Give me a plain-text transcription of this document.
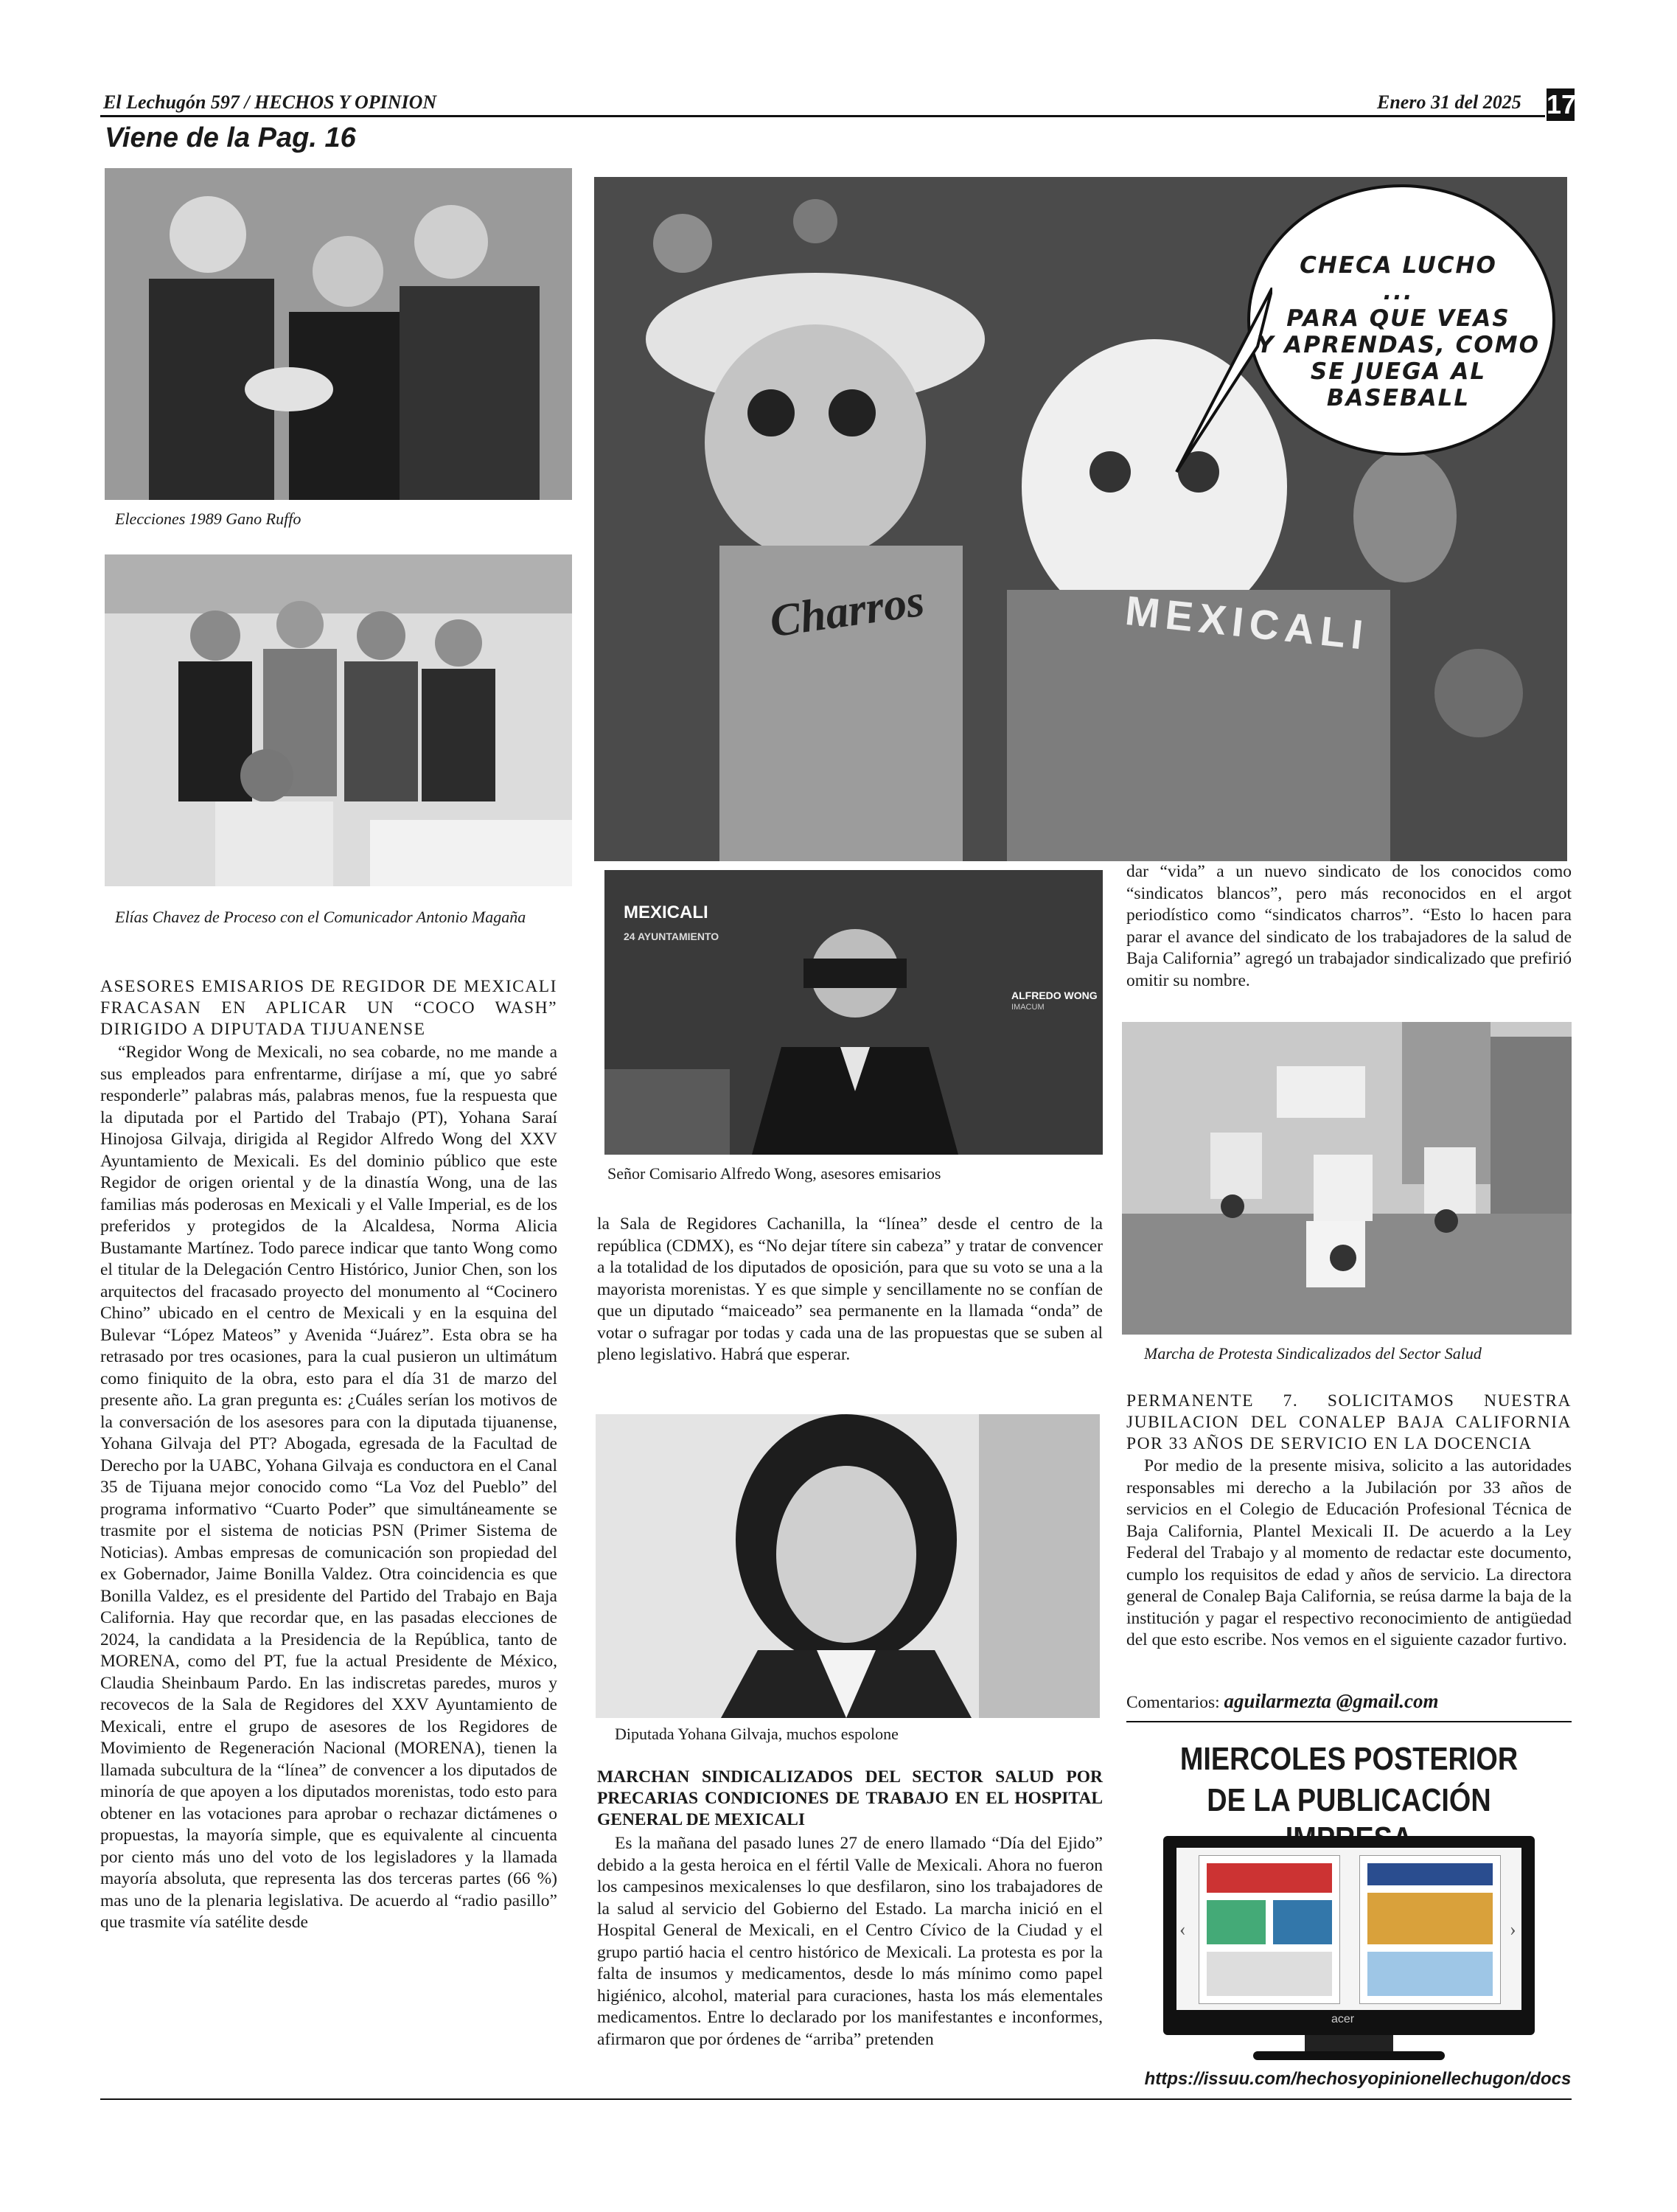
El Lechugón 597 / HECHOS Y OPINION	Enero 31 del 2025 17
Viene de la Pag. 16
Elecciones 1989 Gano Ruffo
Elías Chavez de Proceso con el Comunicador Antonio Magaña
ASESORES EMISARIOS DE REGIDOR DE MEXICALI FRACASAN EN APLICAR UN “COCO WASH” DIRIGIDO A DIPUTADA TIJUANENSE

“Regidor Wong de Mexicali, no sea cobarde, no me mande a sus empleados para enfrentarme, diríjase a mí, que yo sabré responderle” palabras más, palabras menos, fue la respuesta que la diputada por el Partido del Trabajo (PT), Yohana Saraí Hinojosa Gilvaja, dirigida al Regidor Alfredo Wong del XXV Ayuntamiento de Mexicali. Es del dominio público que este Regidor de origen oriental y de la dinastía Wong, una de las familias más poderosas en Mexicali y el Valle Imperial, es de los preferidos y protegidos de la Alcaldesa, Norma Alicia Bustamante Martínez. Todo parece indicar que tanto Wong como el titular de la Delegación Centro Histórico, Junior Chen, son los arquitectos del fracasado proyecto del monumento al “Cocinero Chino” ubicado en el centro de Mexicali y en la esquina del Bulevar “López Mateos” y Avenida “Juárez”. Esta obra se ha retrasado por tres ocasiones, para la cual pusieron un ultimátum como finiquito de la obra, esto para el día 31 de marzo del presente año. La gran pregunta es: ¿Cuáles serían los motivos de la conversación de los asesores para con la diputada tijuanense, Yohana Gilvaja del PT? Abogada, egresada de la Facultad de Derecho por la UABC, Yohana Gilvaja es conductora en el Canal 35 de Tijuana mejor conocido como “La Voz del Pueblo” del programa informativo “Cuarto Poder” que simultáneamente se trasmite por el sistema de noticias PSN (Primer Sistema de Noticias). Ambas empresas de comunicación son propiedad del ex Gobernador, Jaime Bonilla Valdez. Otra coincidencia es que Bonilla Valdez, es el presidente del Partido del Trabajo en Baja California. Hay que recordar que, en las pasadas elecciones de 2024, la candidata a la Presidencia de la República, tanto de MORENA, como del PT, fue la actual Presidente de México, Claudia Sheinbaum Pardo. En las indiscretas paredes, muros y recovecos de la Sala de Regidores del XXV Ayuntamiento de Mexicali, entre el grupo de asesores de los Regidores de Movimiento de Regeneración Nacional (MORENA), tienen la llamada subcultura de la “línea” de convencer a los diputados de minoría de que apoyen a los diputados morenistas, todo esto para obtener en las votaciones para aprobar o rechazar dictámenes o propuestas, la mayoría simple, que es equivalente al cincuenta por ciento más uno del voto de los legisladores y la llamada mayoría absoluta, que representa las dos terceras partes (66 %) mas uno de la plenaria legislativa. De acuerdo al “radio pasillo” que trasmite vía satélite desde

Charros	MEXICALI
CHECA LUCHO
...
PARA QUE VEAS
Y APRENDAS, COMO
SE JUEGA AL
BASEBALL
MEXICALI
24 AYUNTAMIENTO
ALFREDO WONG
IMACUM
Señor Comisario Alfredo Wong, asesores emisarios

la Sala de Regidores Cachanilla, la “línea” desde el centro de la república (CDMX), es “No dejar títere sin cabeza” y tratar de convencer a la totalidad de los diputados de oposición, para que su voto se una a la mayorista morenistas. Y es que simple y sencillamente no se confían de que un diputado “maiceado” sea permanente en la llamada “onda” de votar o sufragar por todas y cada una de las propuestas que se suben al pleno legislativo. Habrá que esperar.

Diputada Yohana Gilvaja, muchos espolone
MARCHAN SINDICALIZADOS DEL SECTOR SALUD POR PRECARIAS CONDICIONES DE TRABAJO EN EL HOSPITAL GENERAL DE MEXICALI

Es la mañana del pasado lunes 27 de enero llamado “Día del Ejido” debido a la gesta heroica en el fértil Valle de Mexicali. Ahora no fueron los campesinos mexicalenses lo que desfilaron, sino los trabajadores de la salud al servicio del Gobierno del Estado. La marcha inició en el Hospital General de Mexicali, en el Centro Cívico de la Ciudad y el grupo partió hacia el centro histórico de Mexicali. La protesta es por la falta de insumos y medicamentos, desde lo más mínimo como papel higiénico, alcohol, material para curaciones, hasta los más elementales medicamentos. Entre lo declarado por los manifestantes e inconformes, afirmaron que por órdenes de “arriba” pretenden

dar “vida” a un nuevo sindicato de los conocidos como “sindicatos blancos”, pero más reconocidos en el argot periodístico como “sindicatos charros”. “Esto lo hacen para parar el avance del sindicato de los trabajadores de la salud de Baja California” agregó un trabajador sindicalizado que prefirió omitir su nombre.

Marcha de Protesta Sindicalizados del Sector Salud
PERMANENTE 7. SOLICITAMOS NUESTRA JUBILACION DEL CONALEP BAJA CALIFORNIA POR 33 AÑOS DE SERVICIO EN LA DOCENCIA

Por medio de la presente misiva, solicito a las autoridades responsables mi derecho a la Jubilación por 33 años de servicios en el Colegio de Educación Profesional Técnica de Baja California, Plantel Mexicali II. De acuerdo a la Ley Federal del Trabajo y al momento de redactar este documento, cumplo los requisitos de edad y años de servicio. La directora general de Conalep Baja California, se reúsa darme la baja de la institución y pagar el respectivo reconocimiento de antigüedad del que esto escribe. Nos vemos en el siguiente cazador furtivo.

Comentarios: aguilarmezta @gmail.com
MIERCOLES POSTERIOR
DE LA PUBLICACIÓN
‹	›
acer
https://issuu.com/hechosyopinionellechugon/docs
